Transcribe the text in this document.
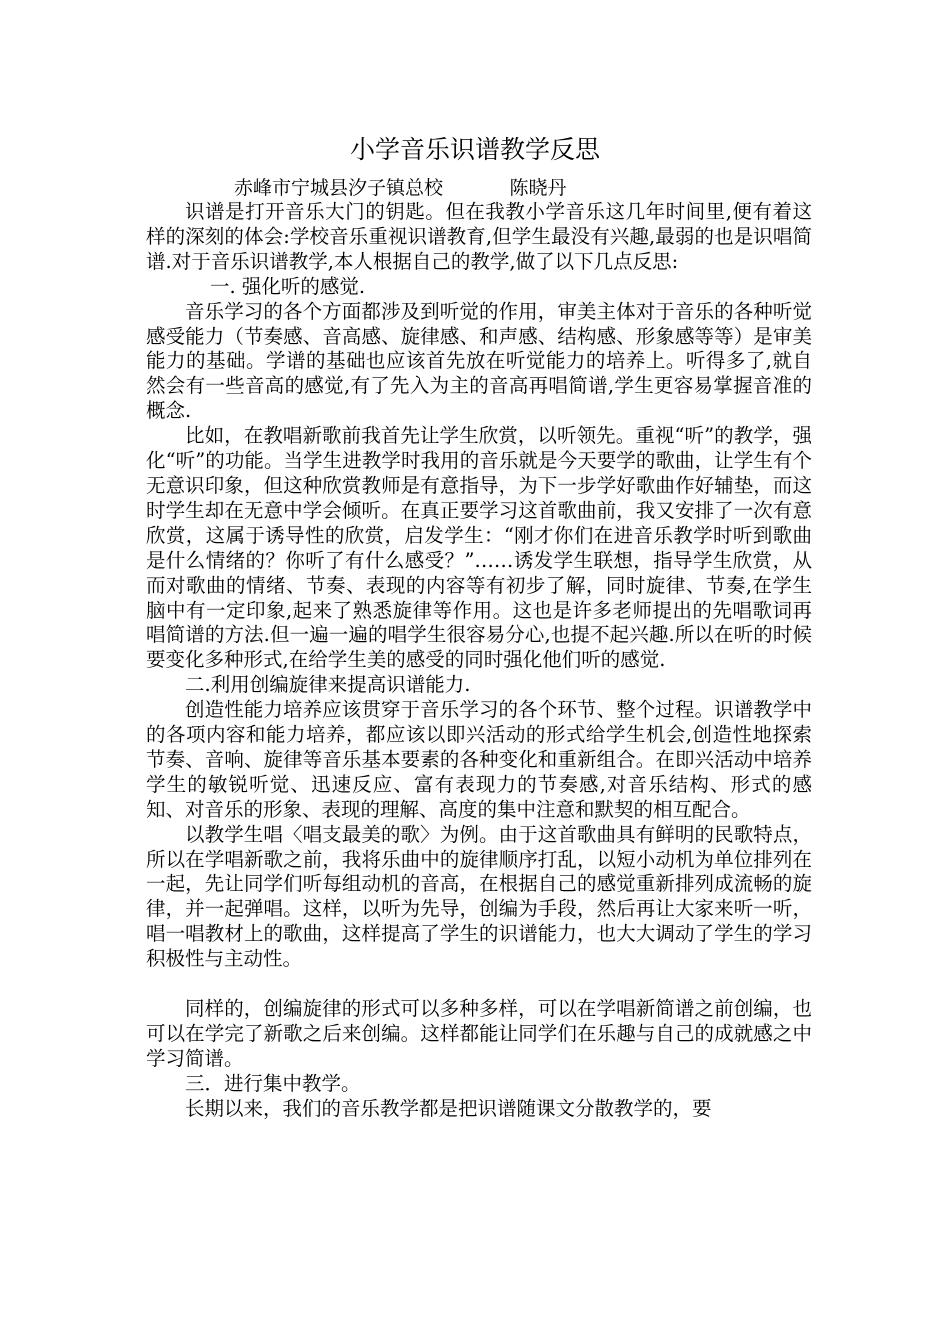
小学音乐识谱教学反思
赤峰市宁城县汐子镇总校	陈晓丹

识谱是打开音乐大门的钥匙。但在我教小学音乐这几年时间里,便有着这样的深刻的体会:学校音乐重视识谱教育,但学生最没有兴趣,最弱的也是识唱简谱.对于音乐识谱教学,本人根据自己的教学,做了以下几点反思:

一. 强化听的感觉.

音乐学习的各个方面都涉及到听觉的作用，审美主体对于音乐的各种听觉感受能力（节奏感、音高感、旋律感、和声感、结构感、形象感等等）是审美能力的基础。学谱的基础也应该首先放在听觉能力的培养上。听得多了,就自然会有一些音高的感觉,有了先入为主的音高再唱简谱,学生更容易掌握音准的概念.

比如，在教唱新歌前我首先让学生欣赏，以听领先。重视“听”的教学，强化“听”的功能。当学生进教学时我用的音乐就是今天要学的歌曲，让学生有个无意识印象，但这种欣赏教师是有意指导，为下一步学好歌曲作好辅垫，而这时学生却在无意中学会倾听。在真正要学习这首歌曲前，我又安排了一次有意欣赏，这属于诱导性的欣赏，启发学生：“刚才你们在进音乐教学时听到歌曲是什么情绪的？你听了有什么感受？”……诱发学生联想，指导学生欣赏，从而对歌曲的情绪、节奏、表现的内容等有初步了解，同时旋律、节奏,在学生脑中有一定印象,起来了熟悉旋律等作用。这也是许多老师提出的先唱歌词再唱简谱的方法.但一遍一遍的唱学生很容易分心,也提不起兴趣.所以在听的时候要变化多种形式,在给学生美的感受的同时强化他们听的感觉.

二.利用创编旋律来提高识谱能力.

创造性能力培养应该贯穿于音乐学习的各个环节、整个过程。识谱教学中的各项内容和能力培养，都应该以即兴活动的形式给学生机会,创造性地探索节奏、音响、旋律等音乐基本要素的各种变化和重新组合。在即兴活动中培养学生的敏锐听觉、迅速反应、富有表现力的节奏感,对音乐结构、形式的感知、对音乐的形象、表现的理解、高度的集中注意和默契的相互配合。

以教学生唱〈唱支最美的歌〉为例。由于这首歌曲具有鲜明的民歌特点，所以在学唱新歌之前，我将乐曲中的旋律顺序打乱，以短小动机为单位排列在一起，先让同学们听每组动机的音高，在根据自己的感觉重新排列成流畅的旋律，并一起弹唱。这样，以听为先导，创编为手段，然后再让大家来听一听，唱一唱教材上的歌曲，这样提高了学生的识谱能力，也大大调动了学生的学习积极性与主动性。

同样的，创编旋律的形式可以多种多样，可以在学唱新简谱之前创编，也可以在学完了新歌之后来创编。这样都能让同学们在乐趣与自己的成就感之中学习简谱。

三．进行集中教学。

长期以来，我们的音乐教学都是把识谱随课文分散教学的，要
